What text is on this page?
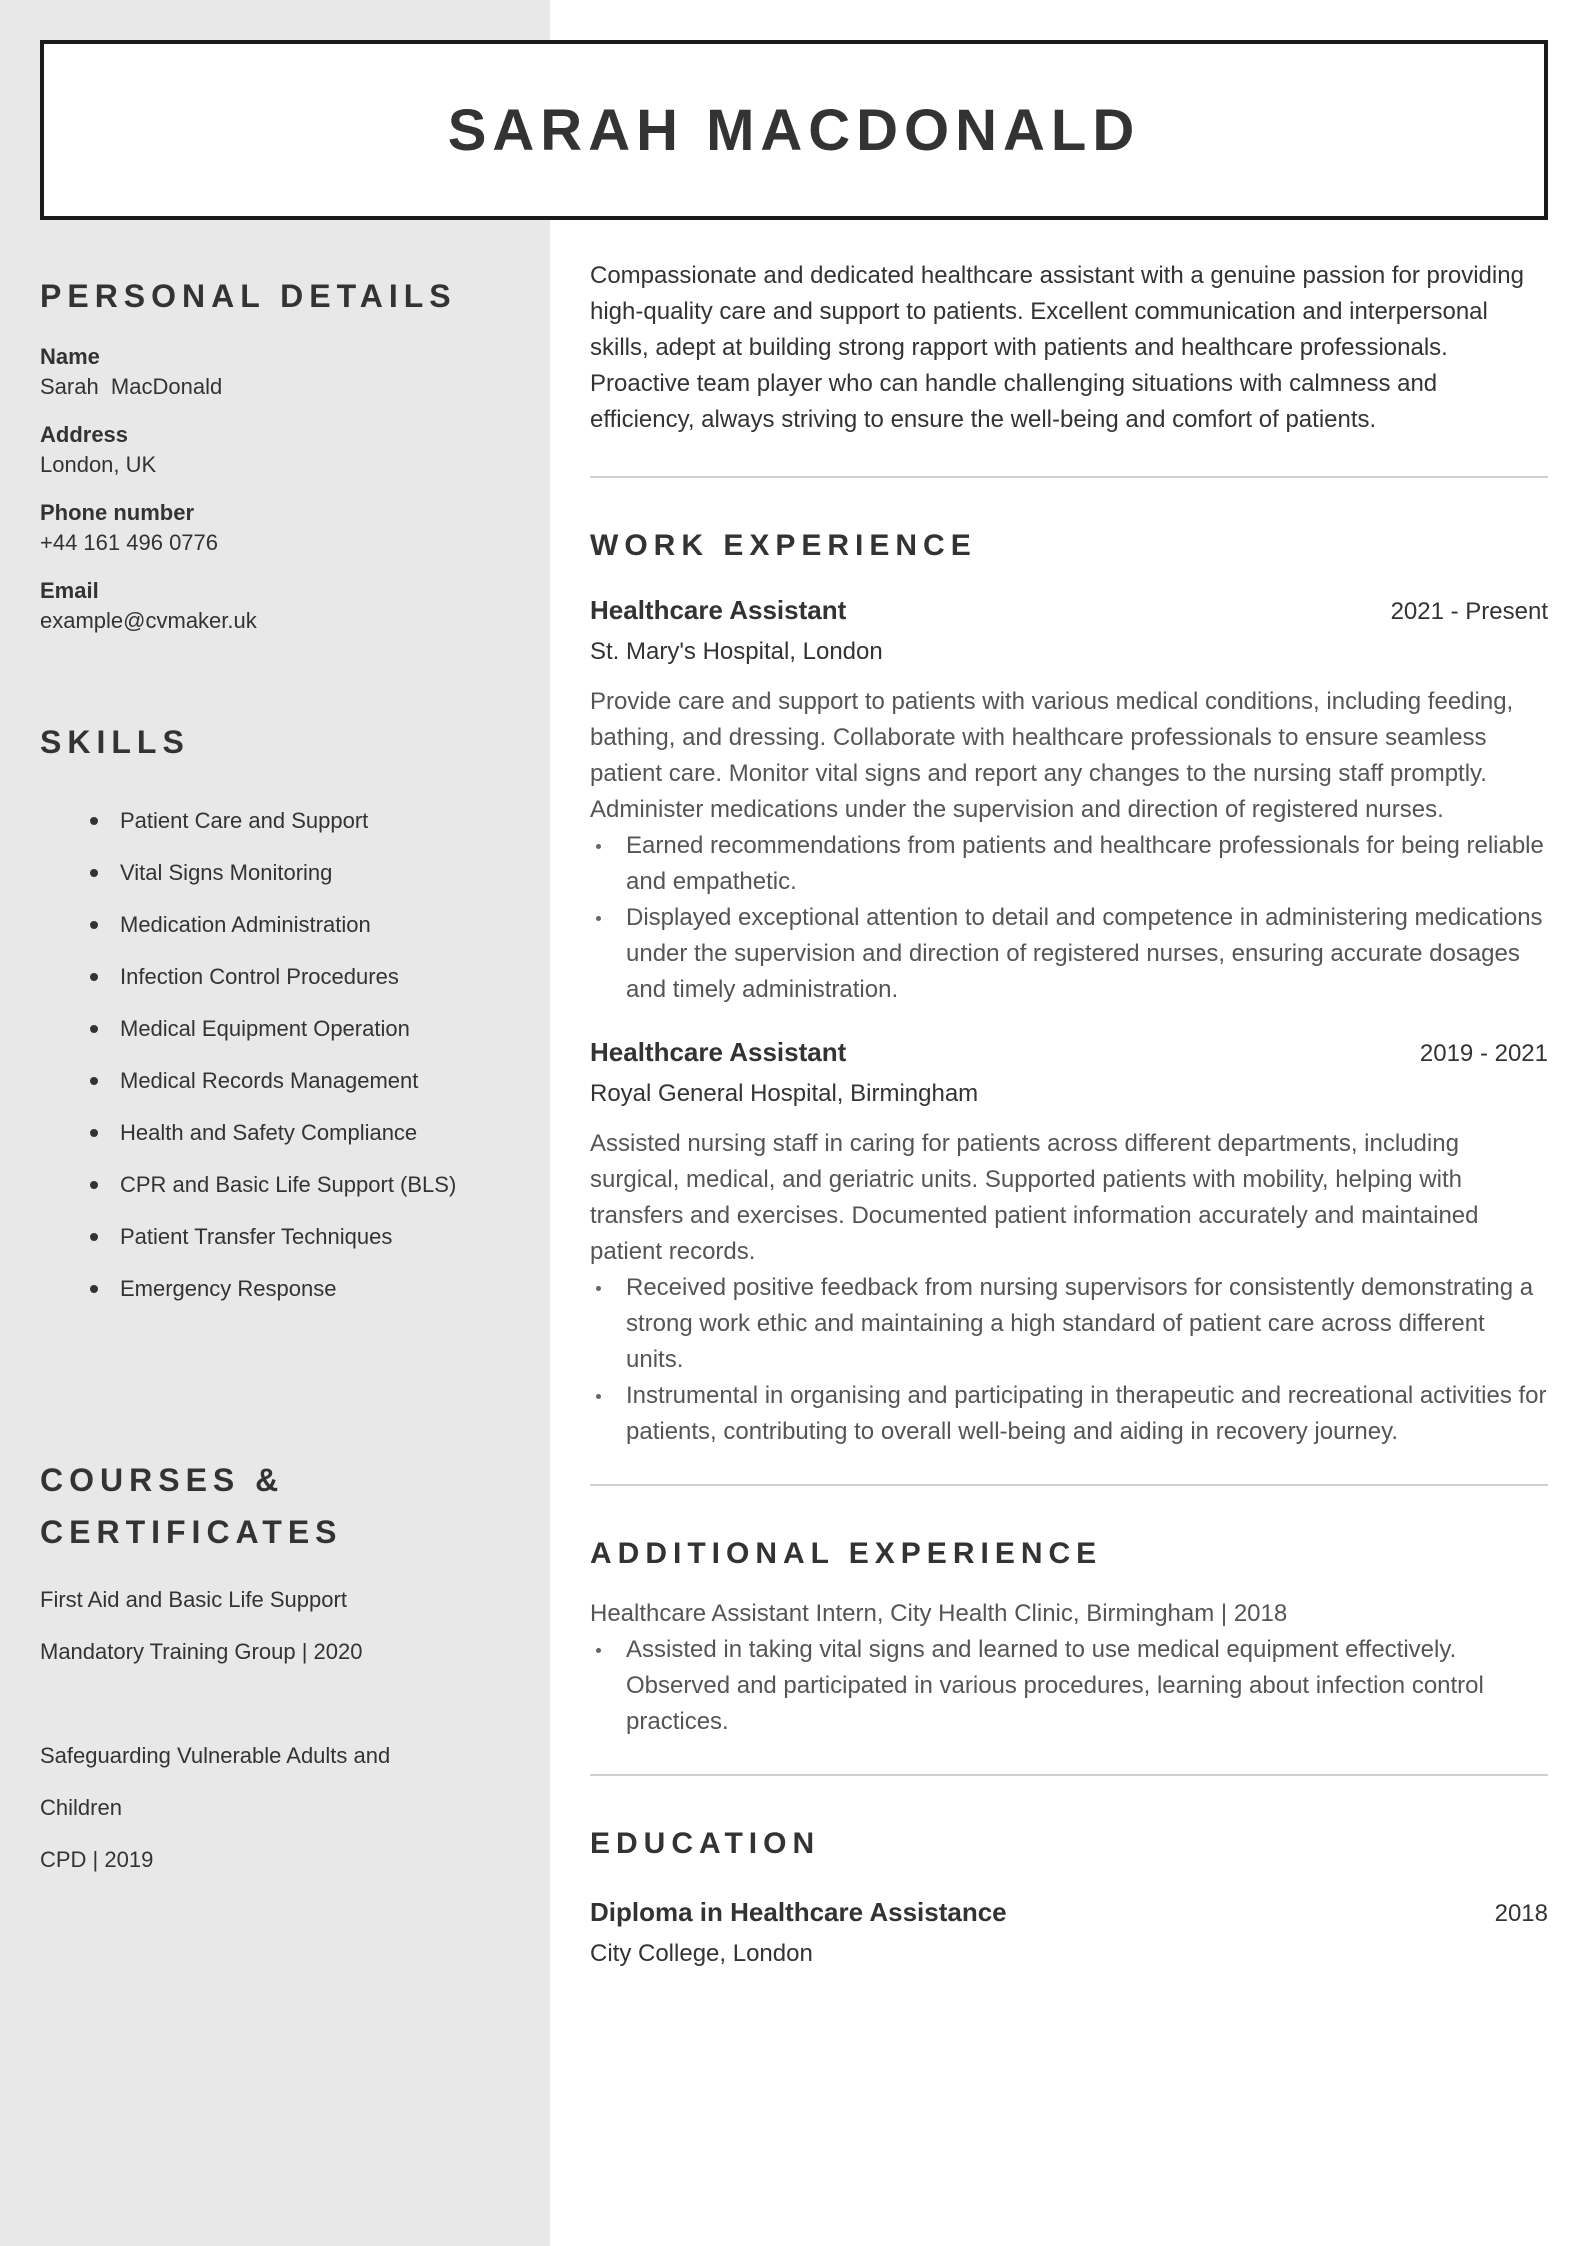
SARAH MACDONALD
PERSONAL DETAILS
Name
Sarah  MacDonald
Address
London, UK
Phone number
+44 161 496 0776
Email
example@cvmaker.uk
SKILLS
Patient Care and Support
Vital Signs Monitoring
Medication Administration
Infection Control Procedures
Medical Equipment Operation
Medical Records Management
Health and Safety Compliance
CPR and Basic Life Support (BLS)
Patient Transfer Techniques
Emergency Response
COURSES &
CERTIFICATES
First Aid and Basic Life Support
Mandatory Training Group | 2020
Safeguarding Vulnerable Adults and
Children
CPD | 2019

Compassionate and dedicated healthcare assistant with a genuine passion for providing high-quality care and support to patients. Excellent communication and interpersonal skills, adept at building strong rapport with patients and healthcare professionals. Proactive team player who can handle challenging situations with calmness and efficiency, always striving to ensure the well-being and comfort of patients.

WORK EXPERIENCE
Healthcare Assistant	2021 - Present
St. Mary's Hospital, London

Provide care and support to patients with various medical conditions, including feeding, bathing, and dressing. Collaborate with healthcare professionals to ensure seamless patient care. Monitor vital signs and report any changes to the nursing staff promptly. Administer medications under the supervision and direction of registered nurses.

Earned recommendations from patients and healthcare professionals for being reliable and empathetic.
Displayed exceptional attention to detail and competence in administering medications under the supervision and direction of registered nurses, ensuring accurate dosages and timely administration.
Healthcare Assistant	2019 - 2021
Royal General Hospital, Birmingham

Assisted nursing staff in caring for patients across different departments, including surgical, medical, and geriatric units. Supported patients with mobility, helping with transfers and exercises. Documented patient information accurately and maintained patient records.

Received positive feedback from nursing supervisors for consistently demonstrating a strong work ethic and maintaining a high standard of patient care across different units.
Instrumental in organising and participating in therapeutic and recreational activities for patients, contributing to overall well-being and aiding in recovery journey.
ADDITIONAL EXPERIENCE

Healthcare Assistant Intern, City Health Clinic, Birmingham | 2018

Assisted in taking vital signs and learned to use medical equipment effectively. Observed and participated in various procedures, learning about infection control practices.
EDUCATION
Diploma in Healthcare Assistance	2018
City College, London
